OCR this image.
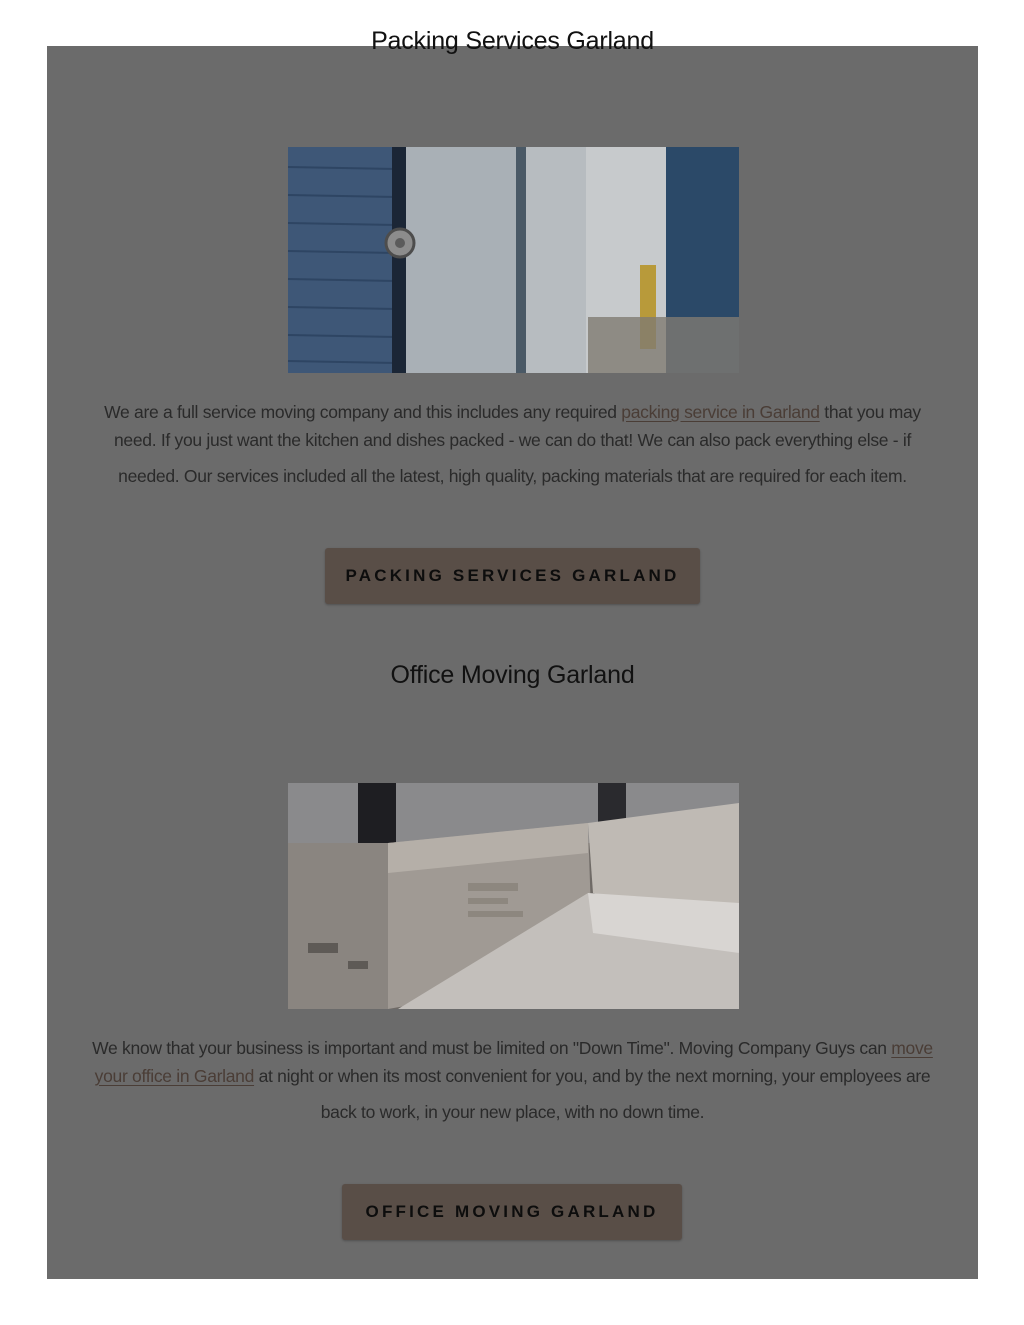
Packing Services Garland
We are a full service moving company and this includes any required packing service in Garland that you may
need. If you just want the kitchen and dishes packed - we can do that! We can also pack everything else - if
needed. Our services included all the latest, high quality, packing materials that are required for each item.
PACKING SERVICES GARLAND
Office Moving Garland
We know that your business is important and must be limited on "Down Time". Moving Company Guys can move
your office in Garland at night or when its most convenient for you, and by the next morning, your employees are
back to work, in your new place, with no down time.
OFFICE MOVING GARLAND
